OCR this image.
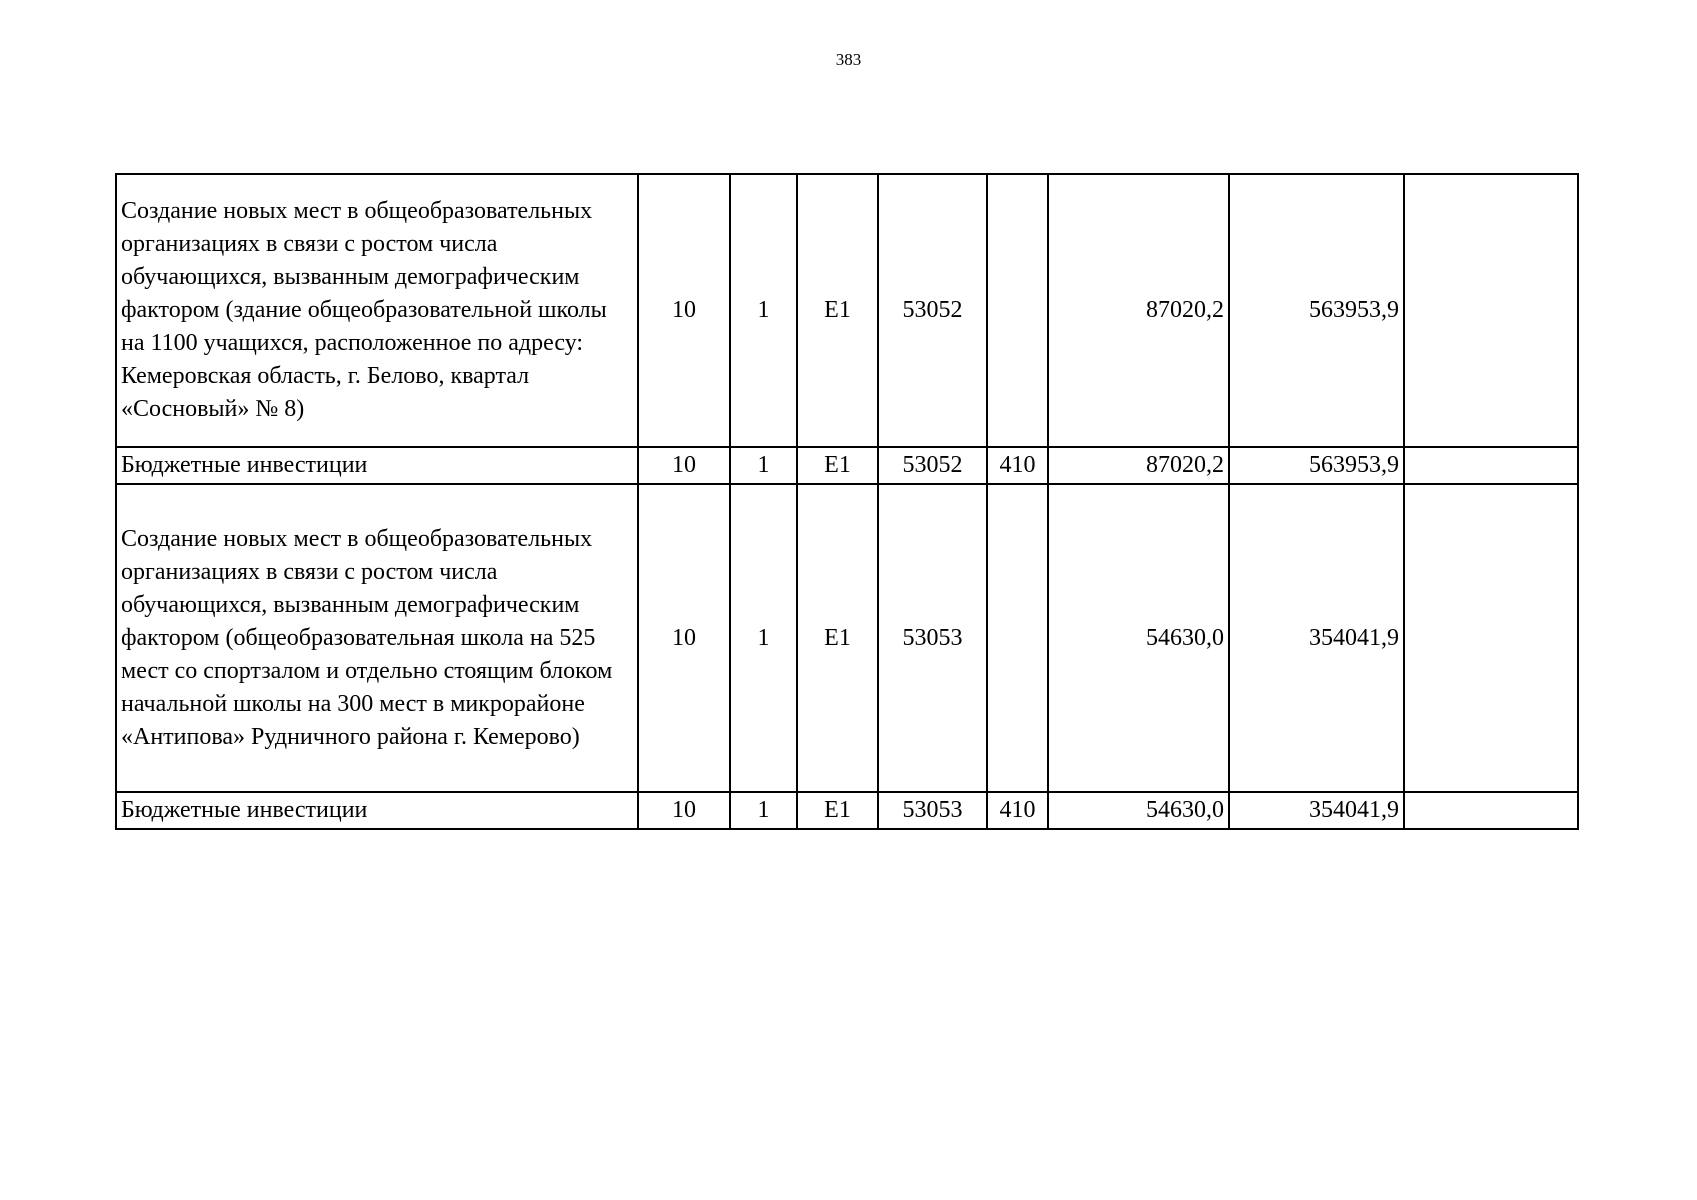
383
Создание новых мест в общеобразовательных организациях в связи с ростом числа обучающихся, вызванным демографическим фактором (здание общеобразовательной школы на 1100 учащихся, расположенное по адресу: Кемеровская область, г. Белово, квартал «Сосновый» № 8)	10	1	E1	53052		87020,2	563953,9	
Бюджетные инвестиции	10	1	E1	53052	410	87020,2	563953,9	
Создание новых мест в общеобразовательных организациях в связи с ростом числа обучающихся, вызванным демографическим фактором (общеобразовательная школа на 525 мест со спортзалом и отдельно стоящим блоком начальной школы на 300 мест в микрорайоне «Антипова» Рудничного района г. Кемерово)	10	1	E1	53053		54630,0	354041,9	
Бюджетные инвестиции	10	1	E1	53053	410	54630,0	354041,9	
